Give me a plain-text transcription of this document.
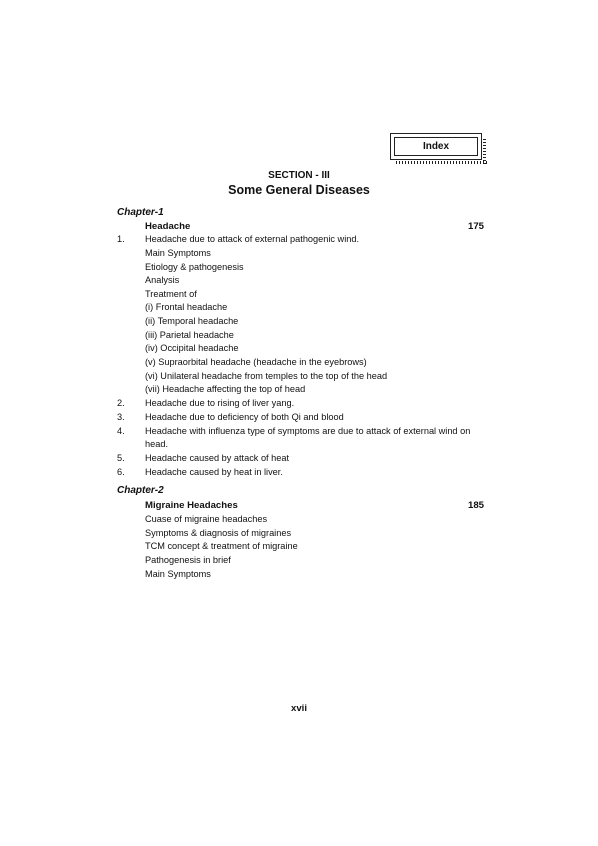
Index
SECTION - III
Some General Diseases
Chapter-1
Headache	175
1. Headache due to attack of external pathogenic wind.
Main Symptoms
Etiology & pathogenesis
Analysis
Treatment of
(i) Frontal headache
(ii) Temporal headache
(iii) Parietal headache
(iv) Occipital headache
(v) Supraorbital headache (headache in the eyebrows)
(vi) Unilateral headache from temples to the top of the head
(vii) Headache affecting the top of head
2. Headache due to rising of liver yang.
3. Headache due to deficiency of both Qi and blood
4. Headache with influenza type of symptoms are due to attack of external wind on
head.
5. Headache caused by attack of heat
6. Headache caused by heat in liver.
Chapter-2
Migraine Headaches	185
Cuase of migraine headaches
Symptoms & diagnosis of migraines
TCM concept & treatment of migraine
Pathogenesis in brief
Main Symptoms
xvii
